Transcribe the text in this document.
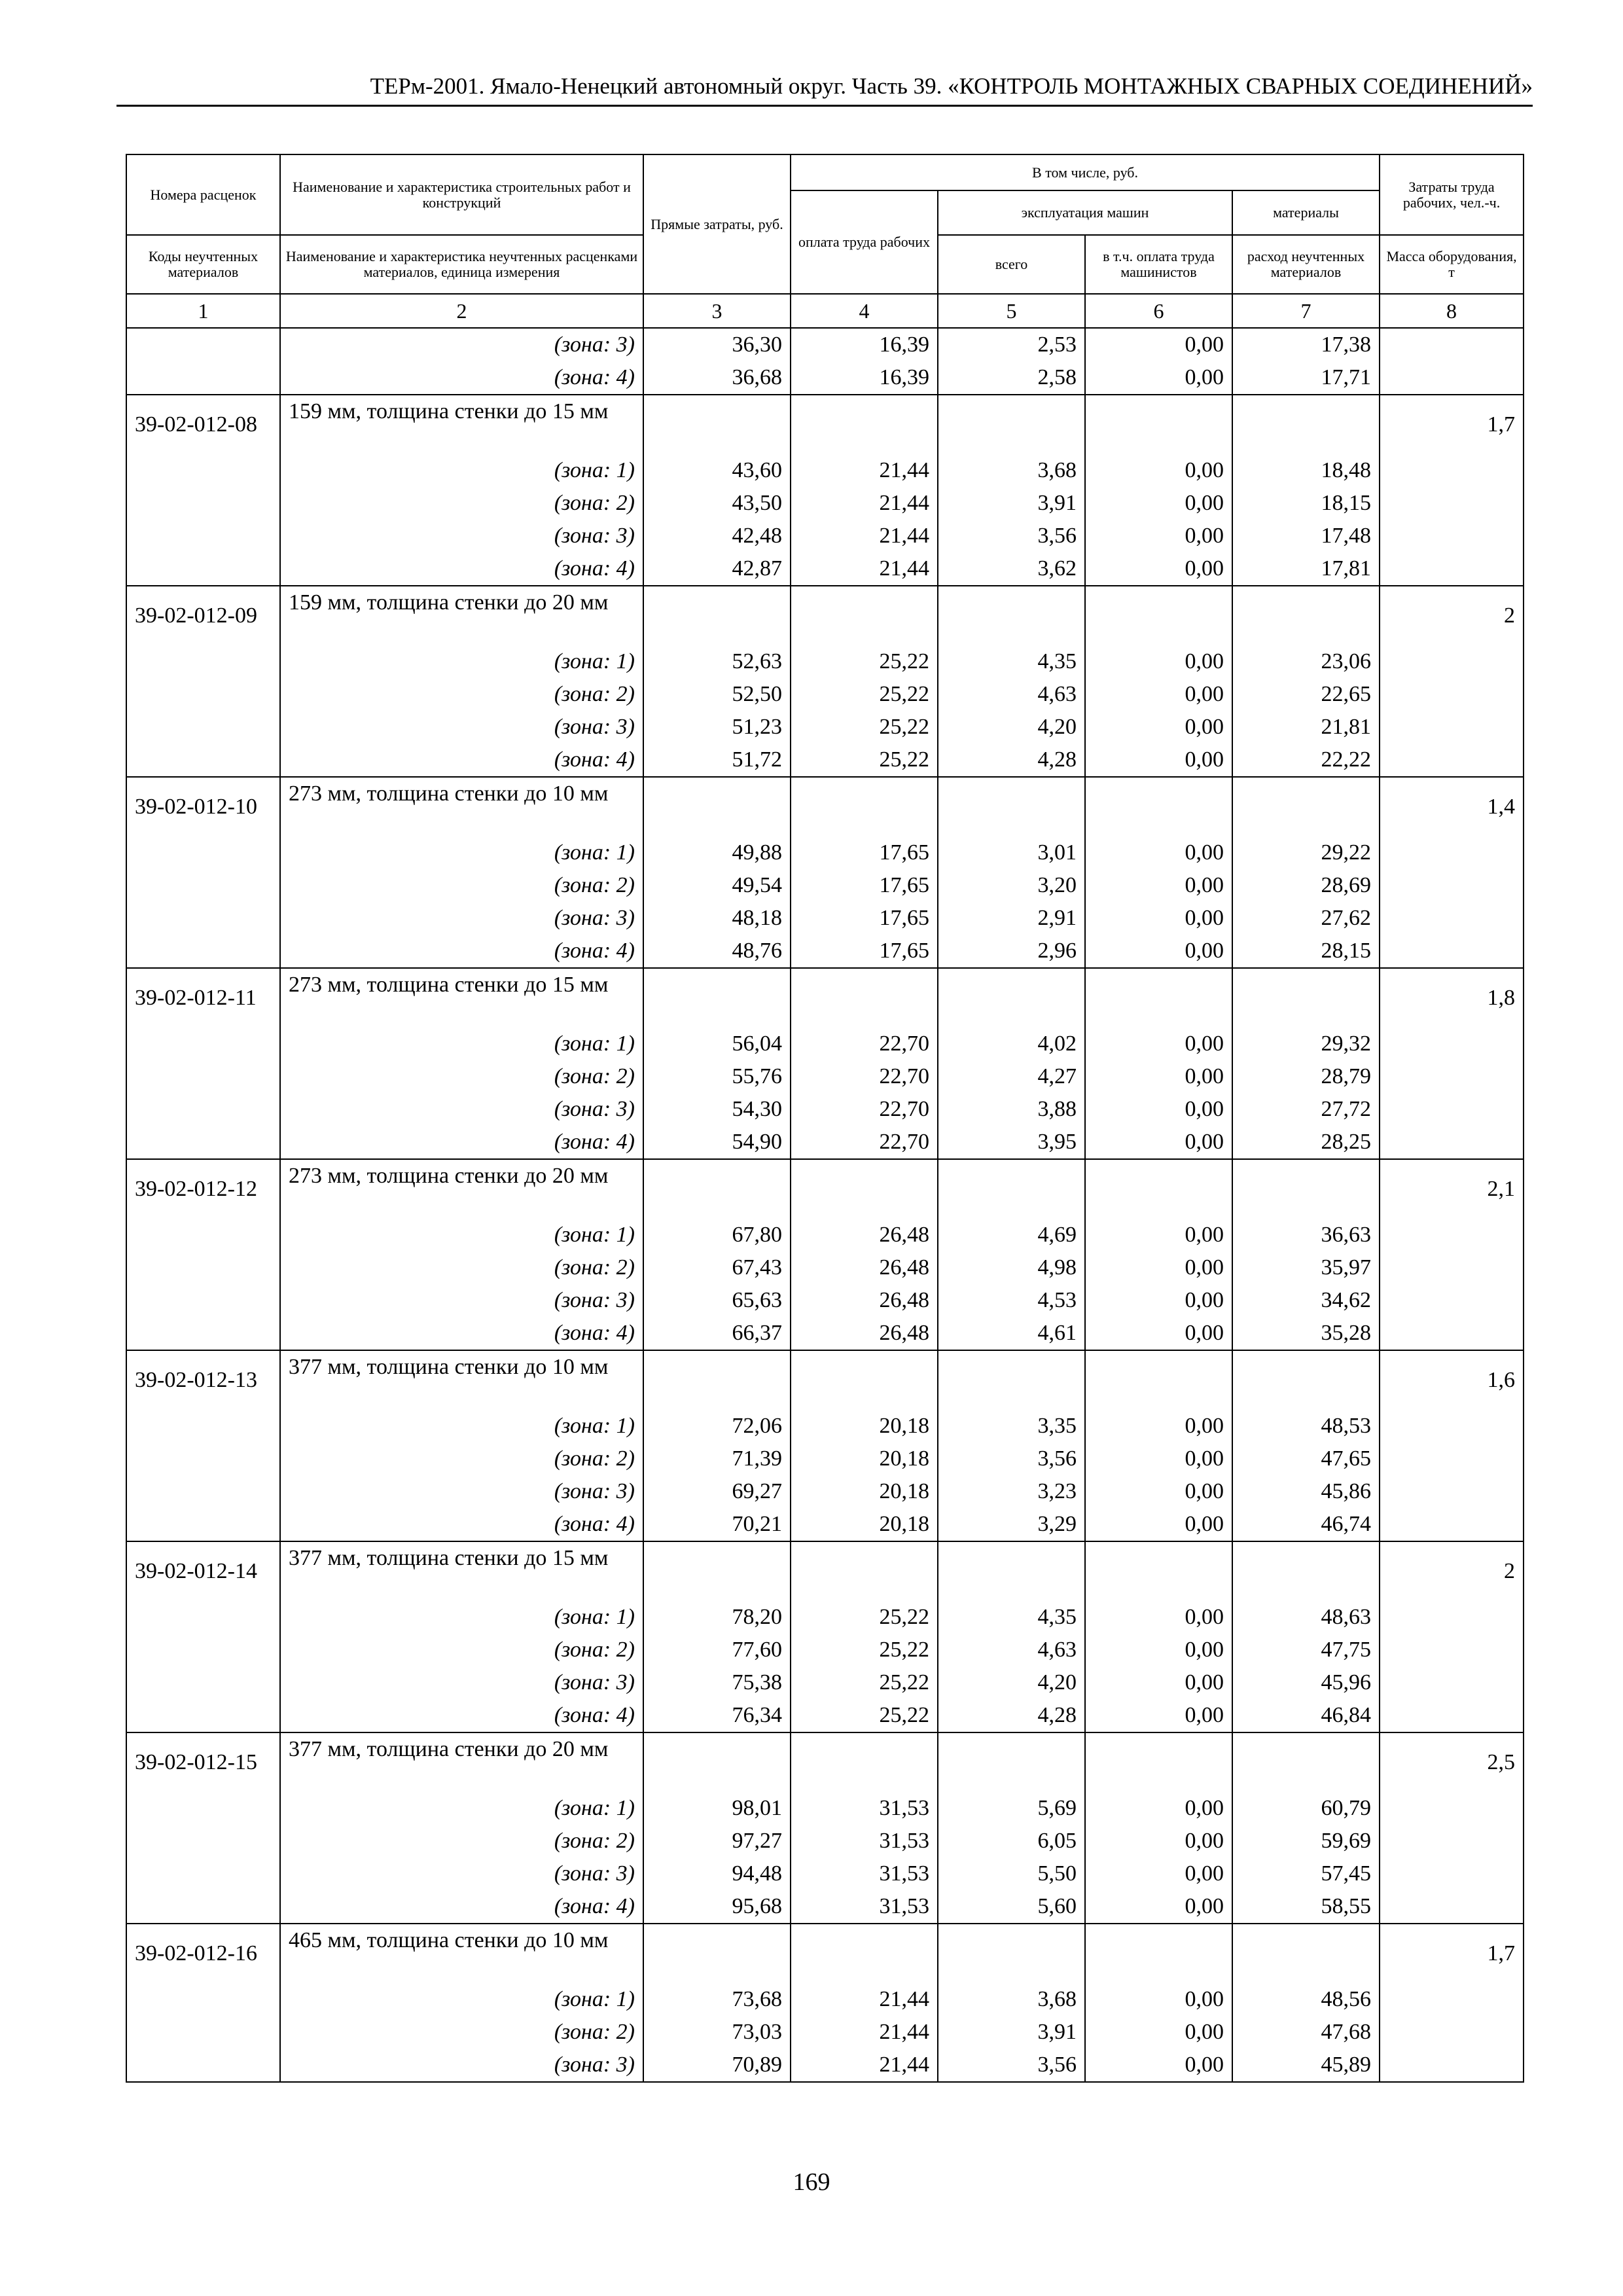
ТЕРм-2001. Ямало-Ненецкий автономный округ. Часть 39. «КОНТРОЛЬ МОНТАЖНЫХ СВАРНЫХ СОЕДИНЕНИЙ»
Номера расценок	Наименование и характеристика строительных работ и конструкций	Прямые затраты, руб.	В том числе, руб.				Затраты труда рабочих, чел.-ч.
			оплата труда рабочих	эксплуатация машин		материалы	

Коды неучтенных материалов	Наименование и характеристика неучтенных расценками материалов, единица измерения			всего	в т.ч. оплата труда машинистов	расход неучтенных материалов	Масса оборудования, т

1	2	3	4	5	6	7	8
	(зона: 3)	36,30	16,39	2,53	0,00	17,38	
	(зона: 4)	36,68	16,39	2,58	0,00	17,71	
39-02-012-08	159 мм, толщина стенки до 15 мм						1,7
	(зона: 1)	43,60	21,44	3,68	0,00	18,48	
	(зона: 2)	43,50	21,44	3,91	0,00	18,15	
	(зона: 3)	42,48	21,44	3,56	0,00	17,48	
	(зона: 4)	42,87	21,44	3,62	0,00	17,81	
39-02-012-09	159 мм, толщина стенки до 20 мм						2
	(зона: 1)	52,63	25,22	4,35	0,00	23,06	
	(зона: 2)	52,50	25,22	4,63	0,00	22,65	
	(зона: 3)	51,23	25,22	4,20	0,00	21,81	
	(зона: 4)	51,72	25,22	4,28	0,00	22,22	
39-02-012-10	273 мм, толщина стенки до 10 мм						1,4
	(зона: 1)	49,88	17,65	3,01	0,00	29,22	
	(зона: 2)	49,54	17,65	3,20	0,00	28,69	
	(зона: 3)	48,18	17,65	2,91	0,00	27,62	
	(зона: 4)	48,76	17,65	2,96	0,00	28,15	
39-02-012-11	273 мм, толщина стенки до 15 мм						1,8
	(зона: 1)	56,04	22,70	4,02	0,00	29,32	
	(зона: 2)	55,76	22,70	4,27	0,00	28,79	
	(зона: 3)	54,30	22,70	3,88	0,00	27,72	
	(зона: 4)	54,90	22,70	3,95	0,00	28,25	
39-02-012-12	273 мм, толщина стенки до 20 мм						2,1
	(зона: 1)	67,80	26,48	4,69	0,00	36,63	
	(зона: 2)	67,43	26,48	4,98	0,00	35,97	
	(зона: 3)	65,63	26,48	4,53	0,00	34,62	
	(зона: 4)	66,37	26,48	4,61	0,00	35,28	
39-02-012-13	377 мм, толщина стенки до 10 мм						1,6
	(зона: 1)	72,06	20,18	3,35	0,00	48,53	
	(зона: 2)	71,39	20,18	3,56	0,00	47,65	
	(зона: 3)	69,27	20,18	3,23	0,00	45,86	
	(зона: 4)	70,21	20,18	3,29	0,00	46,74	
39-02-012-14	377 мм, толщина стенки до 15 мм						2
	(зона: 1)	78,20	25,22	4,35	0,00	48,63	
	(зона: 2)	77,60	25,22	4,63	0,00	47,75	
	(зона: 3)	75,38	25,22	4,20	0,00	45,96	
	(зона: 4)	76,34	25,22	4,28	0,00	46,84	
39-02-012-15	377 мм, толщина стенки до 20 мм						2,5
	(зона: 1)	98,01	31,53	5,69	0,00	60,79	
	(зона: 2)	97,27	31,53	6,05	0,00	59,69	
	(зона: 3)	94,48	31,53	5,50	0,00	57,45	
	(зона: 4)	95,68	31,53	5,60	0,00	58,55	
39-02-012-16	465 мм, толщина стенки до 10 мм						1,7
	(зона: 1)	73,68	21,44	3,68	0,00	48,56	
	(зона: 2)	73,03	21,44	3,91	0,00	47,68	
	(зона: 3)	70,89	21,44	3,56	0,00	45,89	
169
